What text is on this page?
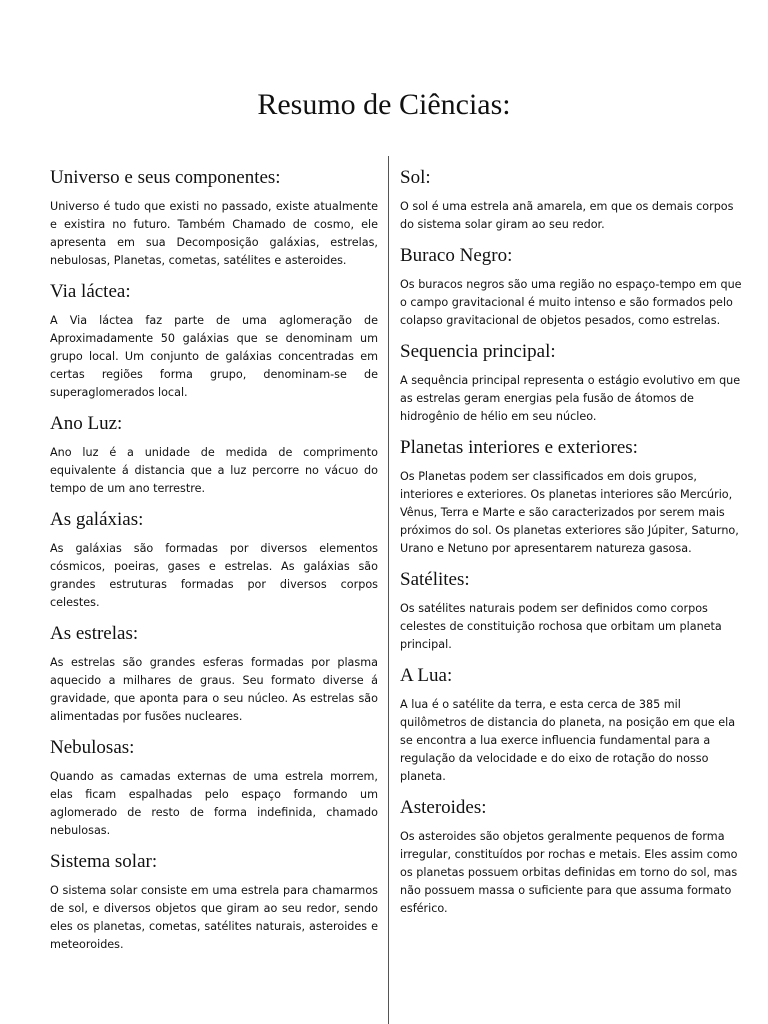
Resumo de Ciências:
Universo e seus componentes:

Universo é tudo que existi no passado, existe atualmente e existira no futuro. Também Chamado de cosmo, ele apresenta em sua Decomposição galáxias, estrelas, nebulosas, Planetas, cometas, satélites e asteroides.

Via láctea:

A Via láctea faz parte de uma aglomeração de Aproximadamente 50 galáxias que se denominam um grupo local. Um conjunto de galáxias concentradas em certas regiões forma grupo, denominam-se de superaglomerados local.

Ano Luz:

Ano luz é a unidade de medida de comprimento equivalente á distancia que a luz percorre no vácuo do tempo de um ano terrestre.

As galáxias:

As galáxias são formadas por diversos elementos cósmicos, poeiras, gases e estrelas. As galáxias são grandes estruturas formadas por diversos corpos celestes.

As estrelas:

As estrelas são grandes esferas formadas por plasma aquecido a milhares de graus. Seu formato diverse á gravidade, que aponta para o seu núcleo. As estrelas são alimentadas por fusões nucleares.

Nebulosas:

Quando as camadas externas de uma estrela morrem, elas ficam espalhadas pelo espaço formando um aglomerado de resto de forma indefinida, chamado nebulosas.

Sistema solar:

O sistema solar consiste em uma estrela para chamarmos de sol, e diversos objetos que giram ao seu redor, sendo eles os planetas, cometas, satélites naturais, asteroides e meteoroides.

Sol:

O sol é uma estrela anã amarela, em que os demais corpos do sistema solar giram ao seu redor.

Buraco Negro:

Os buracos negros são uma região no espaço-tempo em que o campo gravitacional é muito intenso e são formados pelo colapso gravitacional de objetos pesados, como estrelas.

Sequencia principal:

A sequência principal representa o estágio evolutivo em que as estrelas geram energias pela fusão de átomos de hidrogênio de hélio em seu núcleo.

Planetas interiores e exteriores:

Os Planetas podem ser classificados em dois grupos, interiores e exteriores. Os planetas interiores são Mercúrio, Vênus, Terra e Marte e são caracterizados por serem mais próximos do sol. Os planetas exteriores são Júpiter, Saturno, Urano e Netuno por apresentarem natureza gasosa.

Satélites:

Os satélites naturais podem ser definidos como corpos celestes de constituição rochosa que orbitam um planeta principal.

A Lua:

A lua é o satélite da terra, e esta cerca de 385 mil quilômetros de distancia do planeta, na posição em que ela se encontra a lua exerce influencia fundamental para a regulação da velocidade e do eixo de rotação do nosso planeta.

Asteroides:

Os asteroides são objetos geralmente pequenos de forma irregular, constituídos por rochas e metais. Eles assim como os planetas possuem orbitas definidas em torno do sol, mas não possuem massa o suficiente para que assuma formato esférico.
